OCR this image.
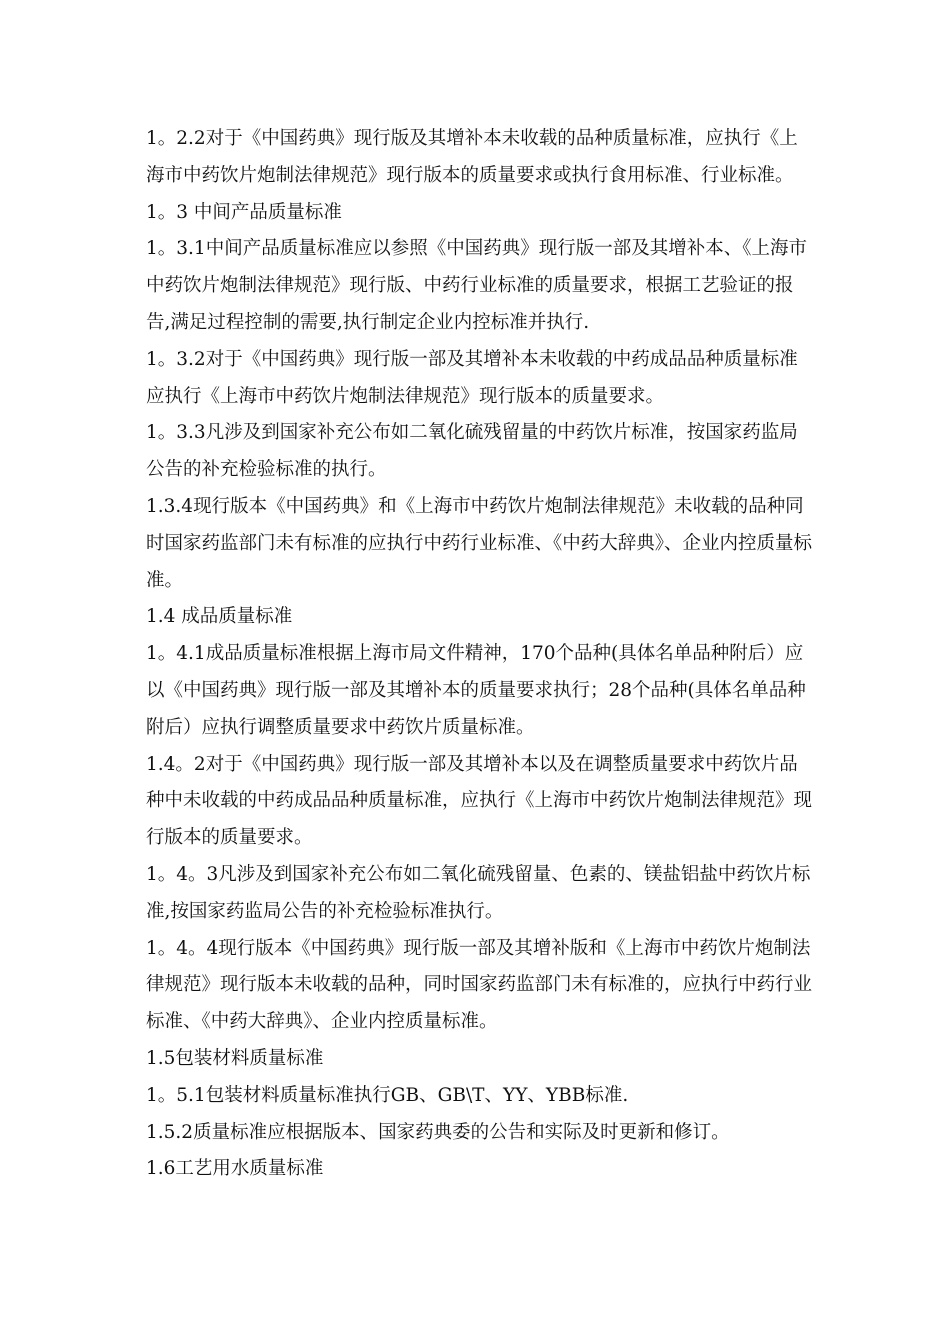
1。2.2对于《中国药典》现行版及其增补本未收载的品种质量标准，应执行《上海市中药饮片炮制法律规范》现行版本的质量要求或执行食用标准、行业标准。

1。3 中间产品质量标准

1。3.1中间产品质量标准应以参照《中国药典》现行版一部及其增补本、《上海市中药饮片炮制法律规范》现行版、中药行业标准的质量要求，根据工艺验证的报告,满足过程控制的需要,执行制定企业内控标准并执行.

1。3.2对于《中国药典》现行版一部及其增补本未收载的中药成品品种质量标准应执行《上海市中药饮片炮制法律规范》现行版本的质量要求。

1。3.3凡涉及到国家补充公布如二氧化硫残留量的中药饮片标准，按国家药监局公告的补充检验标准的执行。

1.3.4现行版本《中国药典》和《上海市中药饮片炮制法律规范》未收载的品种同时国家药监部门未有标准的应执行中药行业标准、《中药大辞典》、企业内控质量标准。

1.4 成品质量标准

1。4.1成品质量标准根据上海市局文件精神，170个品种(具体名单品种附后）应以《中国药典》现行版一部及其增补本的质量要求执行；28个品种(具体名单品种附后）应执行调整质量要求中药饮片质量标准。

1.4。2对于《中国药典》现行版一部及其增补本以及在调整质量要求中药饮片品种中未收载的中药成品品种质量标准，应执行《上海市中药饮片炮制法律规范》现行版本的质量要求。

1。4。3凡涉及到国家补充公布如二氧化硫残留量、色素的、镁盐铝盐中药饮片标准,按国家药监局公告的补充检验标准执行。

1。4。4现行版本《中国药典》现行版一部及其增补版和《上海市中药饮片炮制法律规范》现行版本未收载的品种，同时国家药监部门未有标准的，应执行中药行业标准、《中药大辞典》、企业内控质量标准。

1.5包装材料质量标准

1。5.1包装材料质量标准执行GB、GB\T、YY、YBB标准.

1.5.2质量标准应根据版本、国家药典委的公告和实际及时更新和修订。

1.6工艺用水质量标准
